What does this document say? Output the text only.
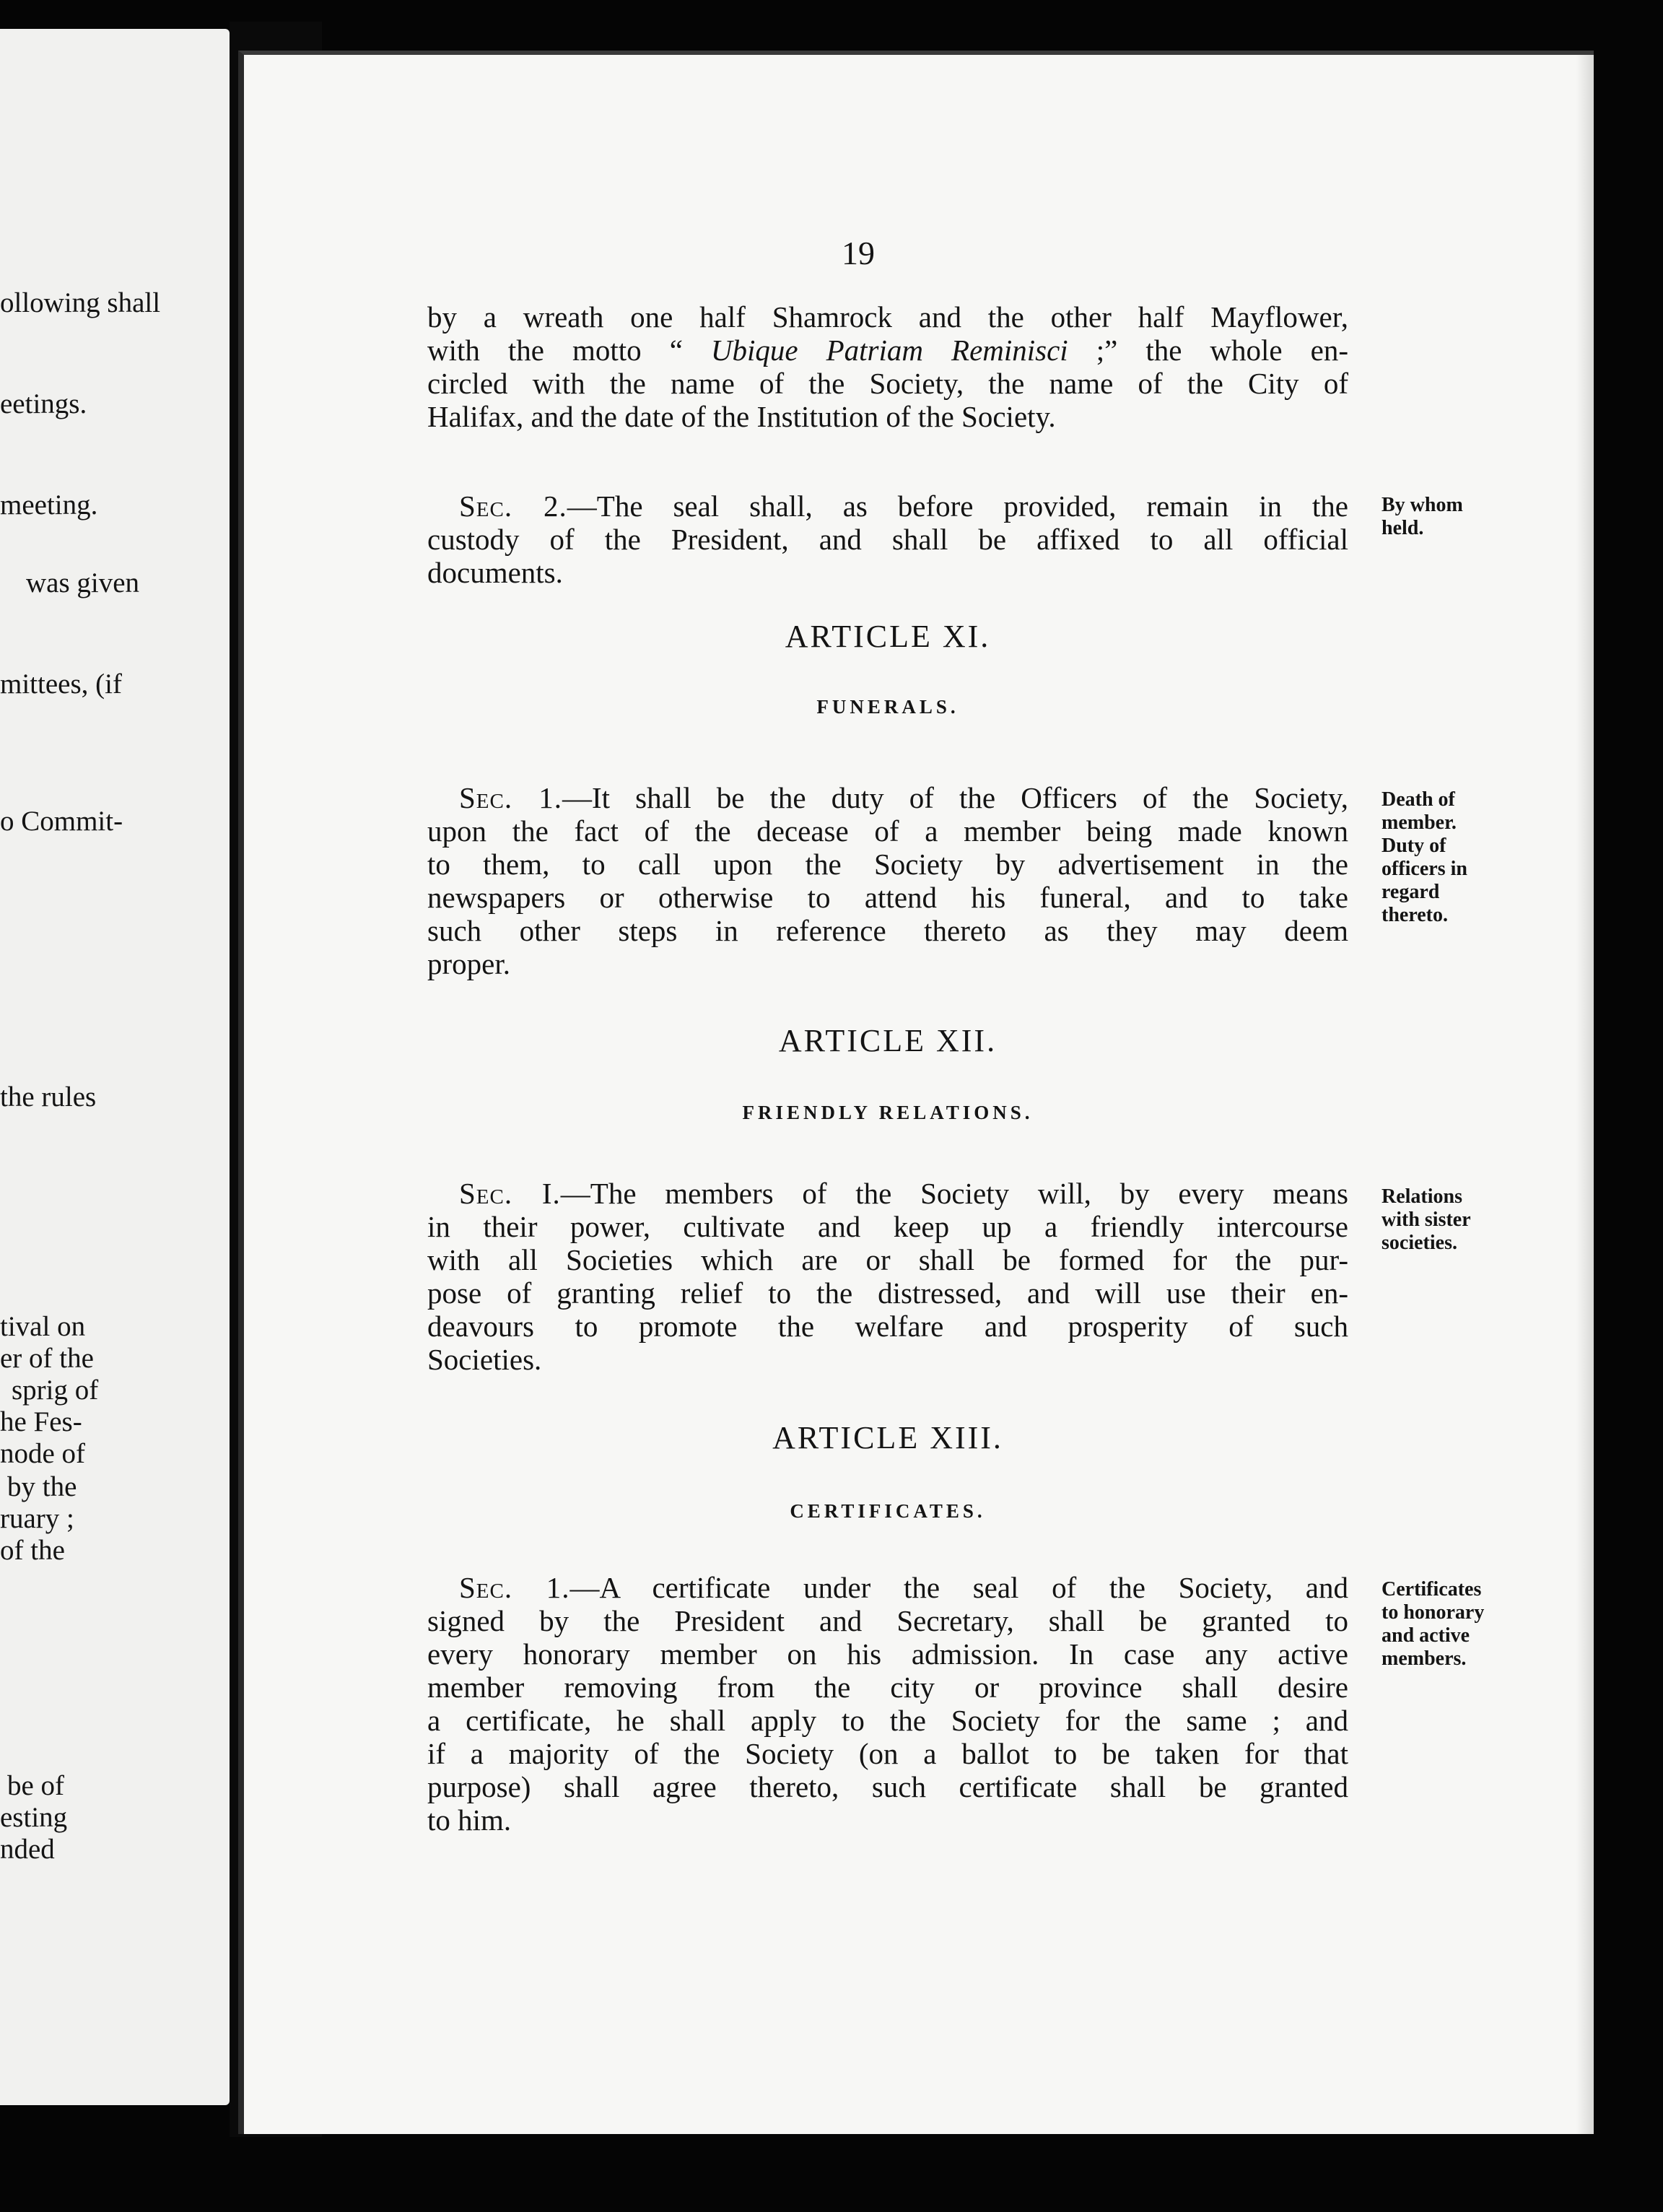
ollowing shall
eetings.
meeting.
was given
mittees, (if
o Commit-
the rules
tival on
er of the
sprig of
he Fes-
node of
by the
ruary ;
of the
be of
esting
nded
19
by a wreath one half Shamrock and the other half Mayflower,
with the motto “ Ubique Patriam Reminisci ;” the whole en-
circled with the name of the Society, the name of the City of
Halifax, and the date of the Institution of the Society.
Sec. 2.—The seal shall, as before provided, remain in the
custody of the President, and shall be affixed to all official
documents.
ARTICLE XI.
FUNERALS.
Sec. 1.—It shall be the duty of the Officers of the Society,
upon the fact of the decease of a member being made known
to them, to call upon the Society by advertisement in the
newspapers or otherwise to attend his funeral, and to take
such other steps in reference thereto as they may deem
proper.
ARTICLE XII.
FRIENDLY RELATIONS.
Sec. I.—The members of the Society will, by every means
in their power, cultivate and keep up a friendly intercourse
with all Societies which are or shall be formed for the pur-
pose of granting relief to the distressed, and will use their en-
deavours to promote the welfare and prosperity of such
Societies.
ARTICLE XIII.
CERTIFICATES.
Sec. 1.—A certificate under the seal of the Society, and
signed by the President and Secretary, shall be granted to
every honorary member on his admission. In case any active
member removing from the city or province shall desire
a certificate, he shall apply to the Society for the same ; and
if a majority of the Society (on a ballot to be taken for that
purpose) shall agree thereto, such certificate shall be granted
to him.
By whom
held.
Death of
member.
Duty of
officers in
regard
thereto.
Relations
with sister
societies.
Certificates
to honorary
and active
members.
